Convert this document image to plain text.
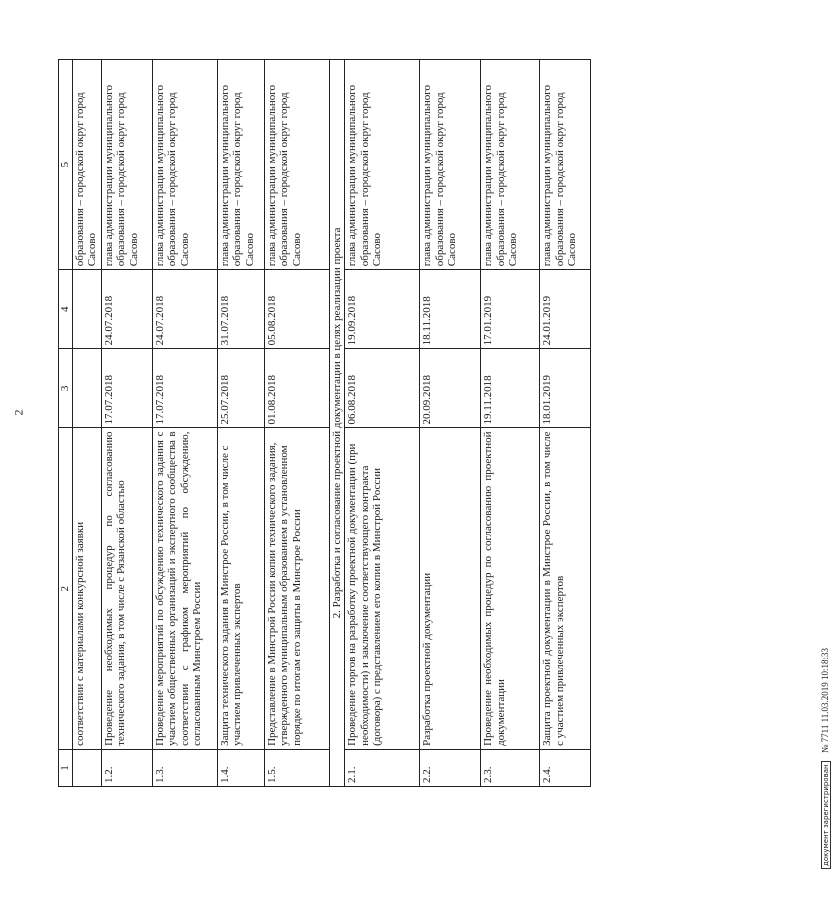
2
1	2	3	4	5
	соответствии с материалами конкурсной заявки			образования – городской округ город Сасово
1.2.	Проведение необходимых процедур по согласованию технического задания, в том числе с Рязанской областью	17.07.2018	24.07.2018	глава администрации муниципального образования – городской округ город Сасово
1.3.	Проведение мероприятий по обсуждению технического задания с участием общественных организаций и экспертного сообщества в соответствии с графиком мероприятий по обсуждению, согласованным Минстроем России	17.07.2018	24.07.2018	глава администрации муниципального образования – городской округ город Сасово
1.4.	Защита технического задания в Минстрое России, в том числе с участием привлеченных экспертов	25.07.2018	31.07.2018	глава администрации муниципального образования – городской округ город Сасово
1.5.	Представление в Минстрой России копии технического задания, утвержденного муниципальным образованием в установленном порядке по итогам его защиты в Минстрое России	01.08.2018	05.08.2018	глава администрации муниципального образования – городской округ город Сасово
2. Разработка и согласование проектной документации в целях реализации проекта				
2.1.	Проведение торгов на разработку проектной документации (при необходимости) и заключение соответствующего контракта (договора) с представлением его копии в Минстрой России	06.08.2018	19.09.2018	глава администрации муниципального образования – городской округ город Сасово
2.2.	Разработка проектной документации	20.09.2018	18.11.2018	глава администрации муниципального образования – городской округ город Сасово
2.3.	Проведение необходимых процедур по согласованию проектной документации	19.11.2018	17.01.2019	глава администрации муниципального образования – городской округ город Сасово
2.4.	Защита проектной документации в Минстрое России, в том числе с участием привлеченных экспертов	18.01.2019	24.01.2019	глава администрации муниципального образования – городской округ город Сасово
документ зарегистрирован № 7711 11.03.2019 10:18:33
